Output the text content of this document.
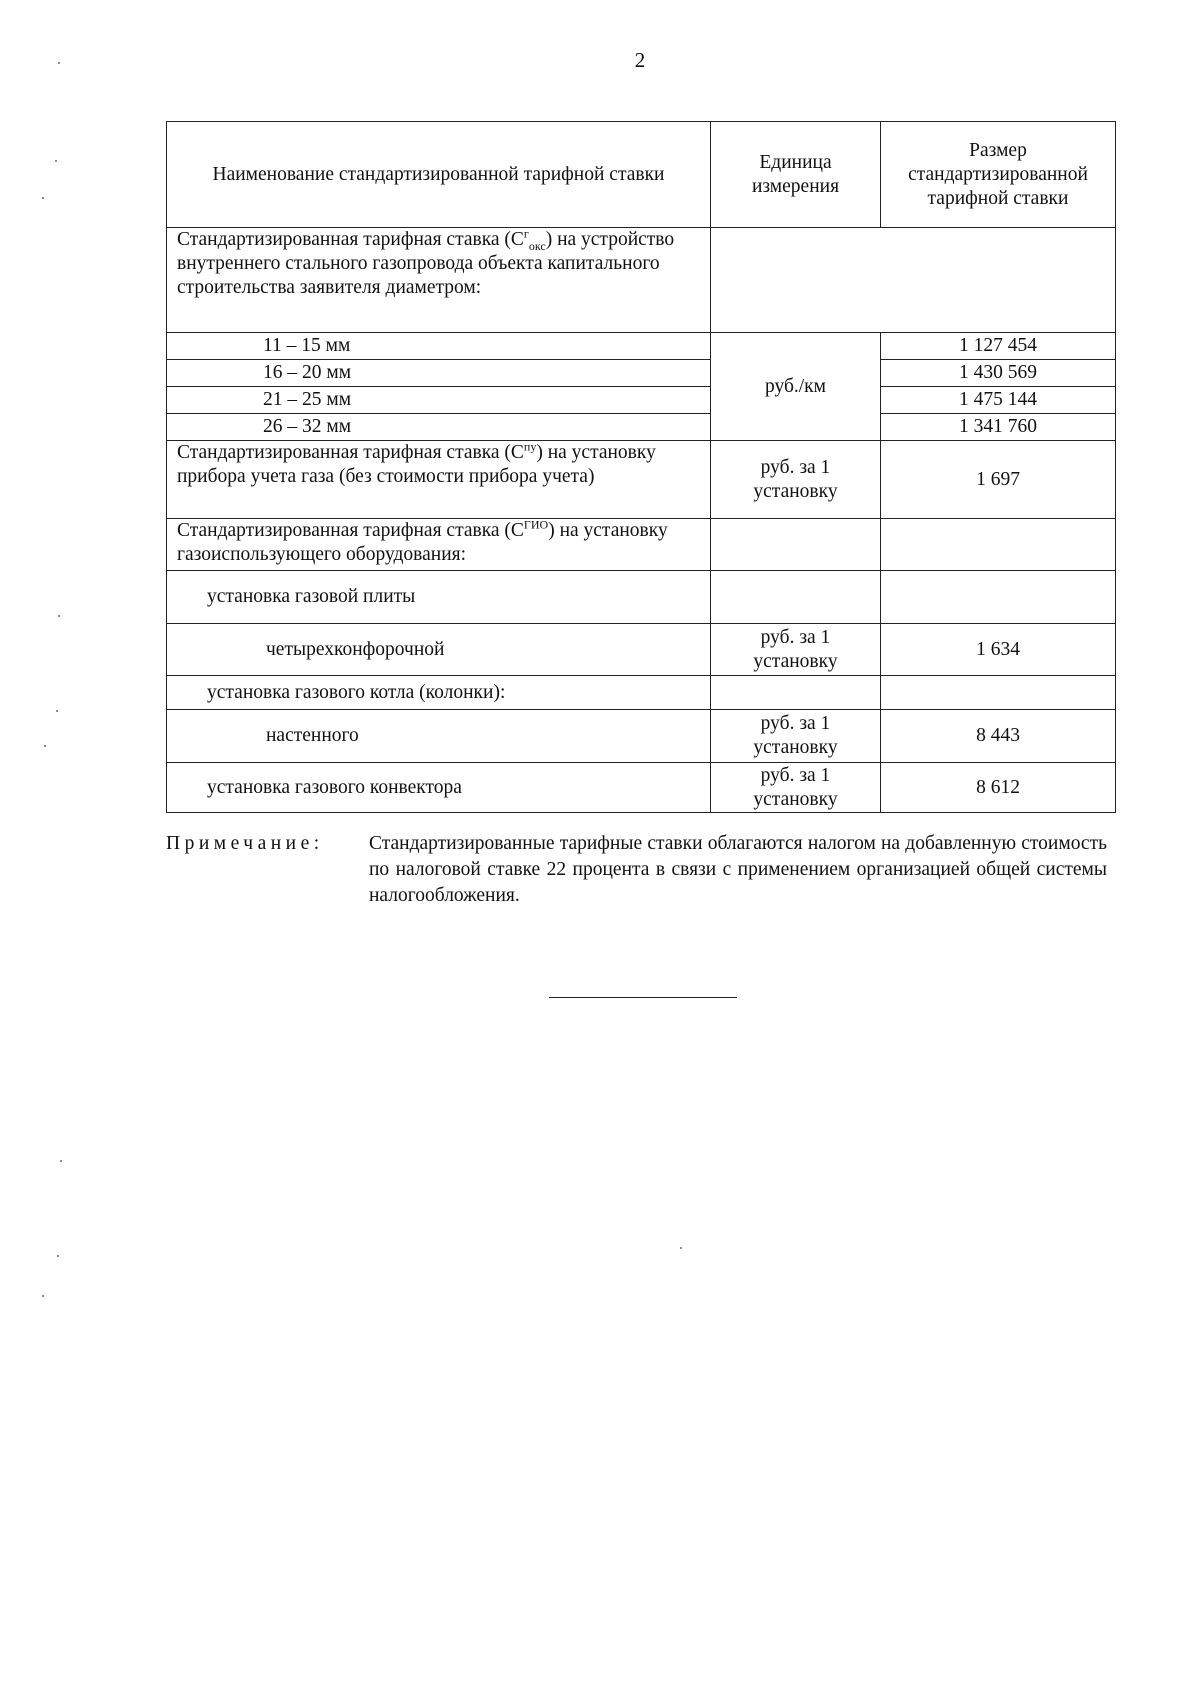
2
Наименование стандартизированной тарифной ставки	Единица измерения	Размер стандартизированной тарифной ставки
Стандартизированная тарифная ставка $(С^г_{окс})$ на устройство внутреннего стального газопровода объекта капитального строительства заявителя диаметром:		
11 – 15 мм	руб./км	1 127 454
16 – 20 мм		1 430 569
21 – 25 мм		1 475 144
26 – 32 мм		1 341 760
Стандартизированная тарифная ставка $(С^{пу})$ на установку прибора учета газа (без стоимости прибора учета)	руб. за 1 установку	1 697
Стандартизированная тарифная ставка $(С^{ГИО})$ на установку газоиспользующего оборудования:		
установка газовой плиты		
четырехконфорочной	руб. за 1 установку	1 634
установка газового котла (колонки):		
настенного	руб. за 1 установку	8 443
установка газового конвектора	руб. за 1 установку	8 612
Примечание: Стандартизированные тарифные ставки облагаются налогом на добавленную стоимость по налоговой ставке 22 процента в связи с применением организацией общей системы налогообложения.
